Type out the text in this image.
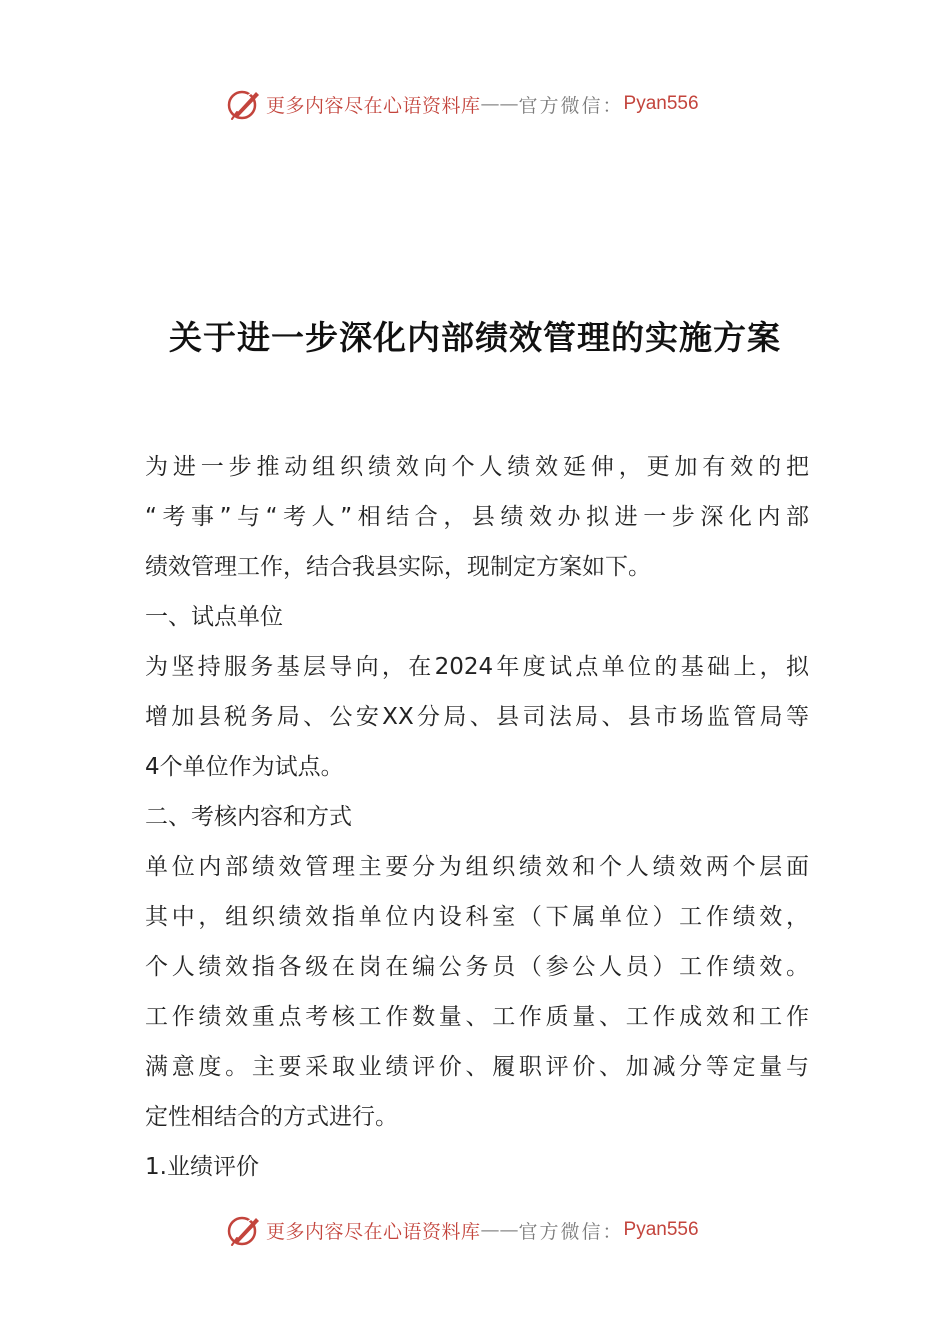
更多内容尽在心语资料库 —— 官方微信： Pyan556
关于进一步深化内部绩效管理的实施方案
为进一步推动组织绩效向个人绩效延伸，更加有效的把
“考事”与“考人”相结合，县绩效办拟进一步深化内部
绩效管理工作，结合我县实际，现制定方案如下。
一、试点单位
为坚持服务基层导向，在2024年度试点单位的基础上，拟
增加县税务局、公安XX分局、县司法局、县市场监管局等
4个单位作为试点。
二、考核内容和方式
单位内部绩效管理主要分为组织绩效和个人绩效两个层面
其中，组织绩效指单位内设科室（下属单位）工作绩效，
个人绩效指各级在岗在编公务员（参公人员）工作绩效。
工作绩效重点考核工作数量、工作质量、工作成效和工作
满意度。主要采取业绩评价、履职评价、加减分等定量与
定性相结合的方式进行。
1.业绩评价
更多内容尽在心语资料库 —— 官方微信： Pyan556
